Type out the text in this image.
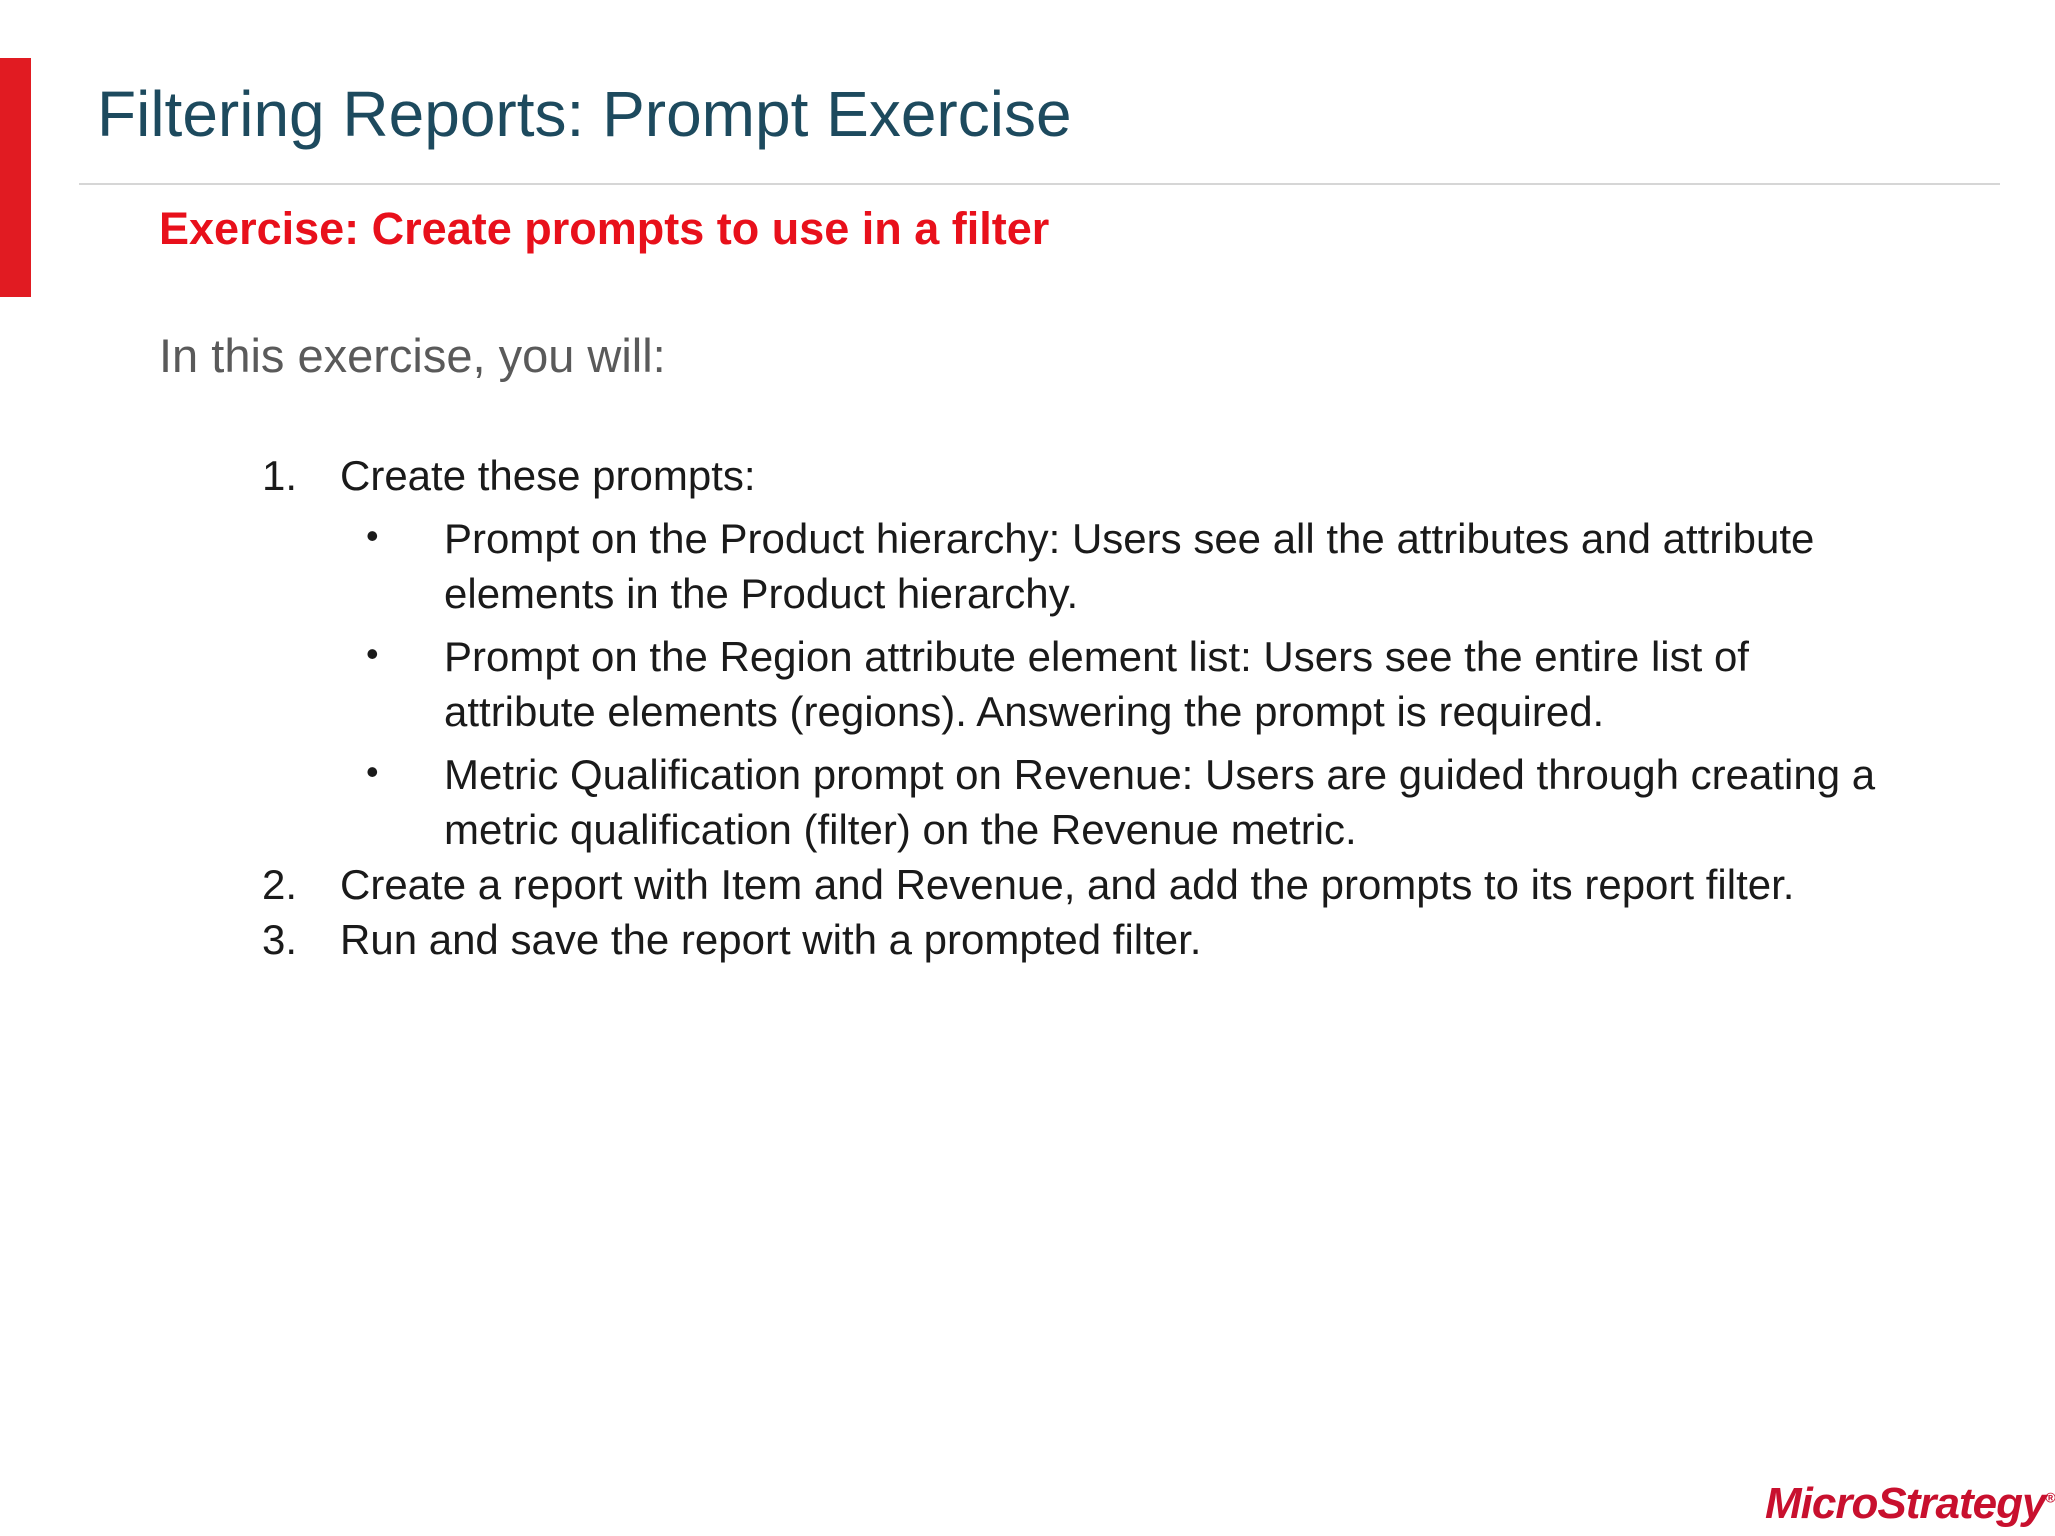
Filtering Reports: Prompt Exercise
Exercise: Create prompts to use in a filter

In this exercise, you will:

1. Create these prompts:
• Prompt on the Product hierarchy: Users see all the attributes and attribute elements in the Product hierarchy.
• Prompt on the Region attribute element list: Users see the entire list of attribute elements (regions). Answering the prompt is required.
• Metric Qualification prompt on Revenue: Users are guided through creating a metric qualification (filter) on the Revenue metric.
2. Create a report with Item and Revenue, and add the prompts to its report filter.
3. Run and save the report with a prompted filter.
MicroStrategy®
